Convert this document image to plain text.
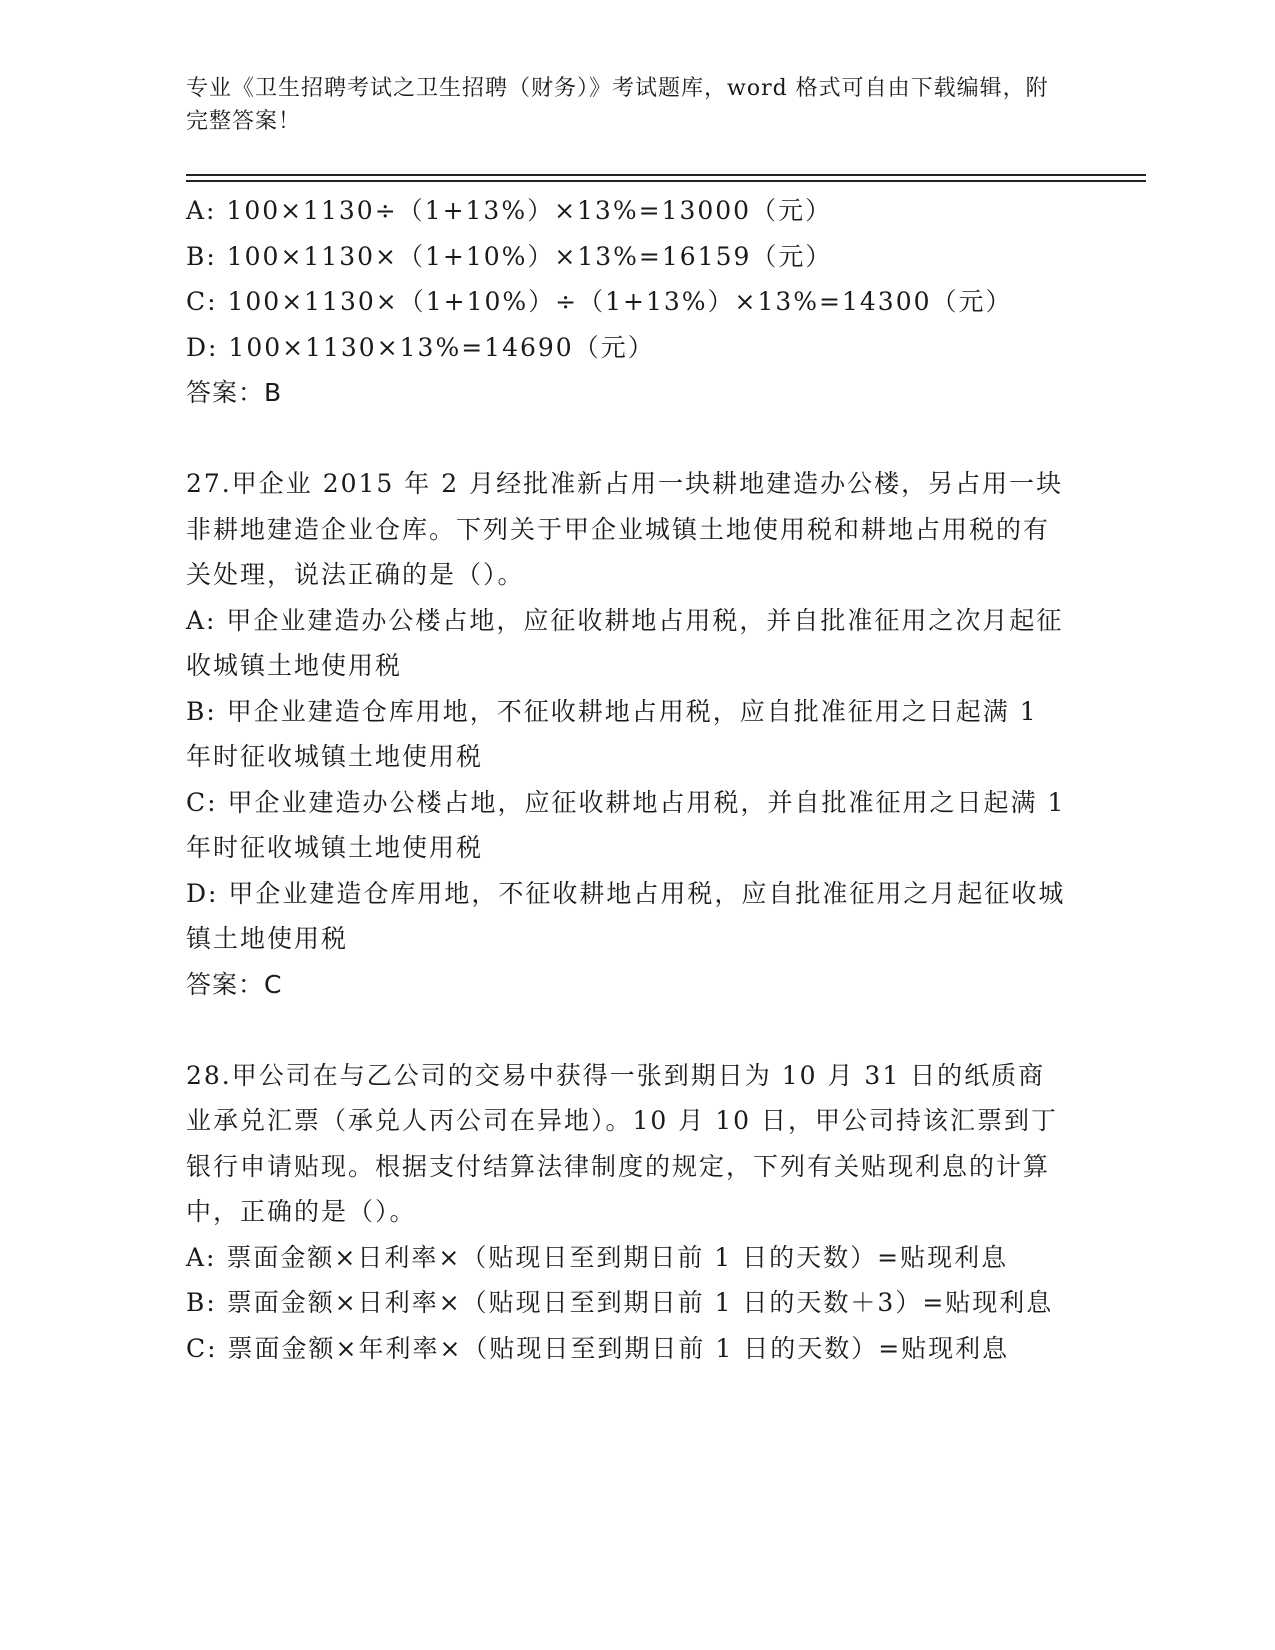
专业《卫生招聘考试之卫生招聘（财务）》考试题库，word 格式可自由下载编辑，附完整答案！
A: 100×1130÷（1+13%）×13%=13000（元）
B: 100×1130×（1+10%）×13%=16159（元）
C: 100×1130×（1+10%）÷（1+13%）×13%=14300（元）
D: 100×1130×13%=14690（元）
答案：B
27.甲企业 2015 年 2 月经批准新占用一块耕地建造办公楼，另占用一块非耕地建造企业仓库。下列关于甲企业城镇土地使用税和耕地占用税的有关处理，说法正确的是（）。
A: 甲企业建造办公楼占地，应征收耕地占用税，并自批准征用之次月起征收城镇土地使用税
B: 甲企业建造仓库用地，不征收耕地占用税，应自批准征用之日起满 1 年时征收城镇土地使用税
C: 甲企业建造办公楼占地，应征收耕地占用税，并自批准征用之日起满 1 年时征收城镇土地使用税
D: 甲企业建造仓库用地，不征收耕地占用税，应自批准征用之月起征收城镇土地使用税
答案：C
28.甲公司在与乙公司的交易中获得一张到期日为 10 月 31 日的纸质商业承兑汇票（承兑人丙公司在异地）。10 月 10 日，甲公司持该汇票到丁银行申请贴现。根据支付结算法律制度的规定，下列有关贴现利息的计算中，正确的是（）。
A: 票面金额×日利率×（贴现日至到期日前 1 日的天数）=贴现利息
B: 票面金额×日利率×（贴现日至到期日前 1 日的天数＋3）=贴现利息
C: 票面金额×年利率×（贴现日至到期日前 1 日的天数）=贴现利息
